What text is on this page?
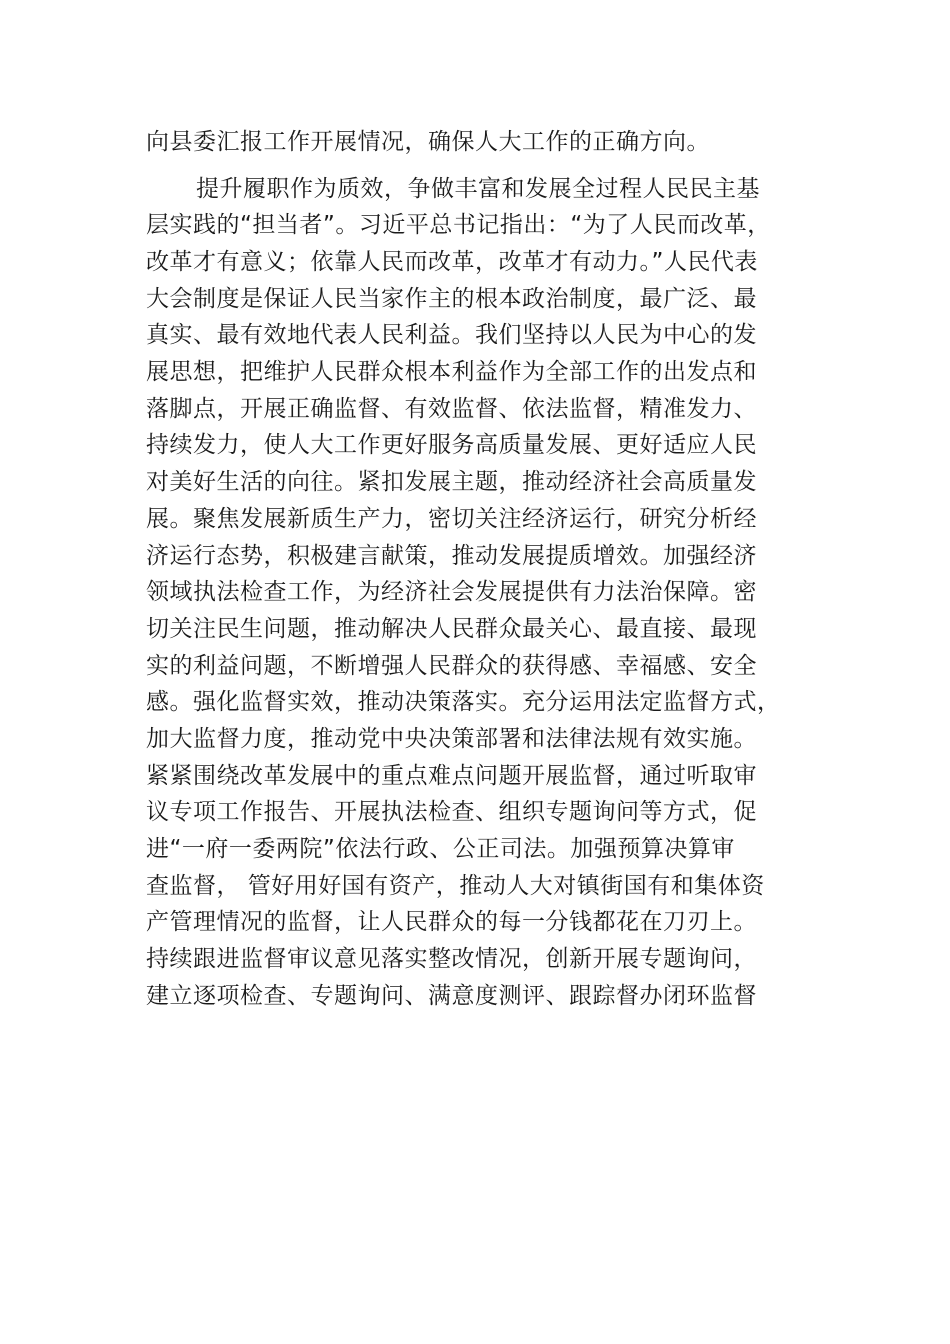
向县委汇报工作开展情况，确保人大工作的正确方向。
提升履职作为质效，争做丰富和发展全过程人民民主基
层实践的“担当者”。习近平总书记指出：“为了人民而改革，
改革才有意义；依靠人民而改革，改革才有动力。”人民代表
大会制度是保证人民当家作主的根本政治制度，最广泛、最
真实、最有效地代表人民利益。我们坚持以人民为中心的发
展思想，把维护人民群众根本利益作为全部工作的出发点和
落脚点，开展正确监督、有效监督、依法监督，精准发力、
持续发力，使人大工作更好服务高质量发展、更好适应人民
对美好生活的向往。紧扣发展主题，推动经济社会高质量发
展。聚焦发展新质生产力，密切关注经济运行，研究分析经
济运行态势，积极建言献策，推动发展提质增效。加强经济
领域执法检查工作，为经济社会发展提供有力法治保障。密
切关注民生问题，推动解决人民群众最关心、最直接、最现
实的利益问题，不断增强人民群众的获得感、幸福感、安全
感。强化监督实效，推动决策落实。充分运用法定监督方式，
加大监督力度，推动党中央决策部署和法律法规有效实施。
紧紧围绕改革发展中的重点难点问题开展监督，通过听取审
议专项工作报告、开展执法检查、组织专题询问等方式，促
进“一府一委两院”依法行政、公正司法。加强预算决算审
查监督， 管好用好国有资产，推动人大对镇街国有和集体资
产管理情况的监督，让人民群众的每一分钱都花在刀刃上。
持续跟进监督审议意见落实整改情况，创新开展专题询问，
建立逐项检查、专题询问、满意度测评、跟踪督办闭环监督
